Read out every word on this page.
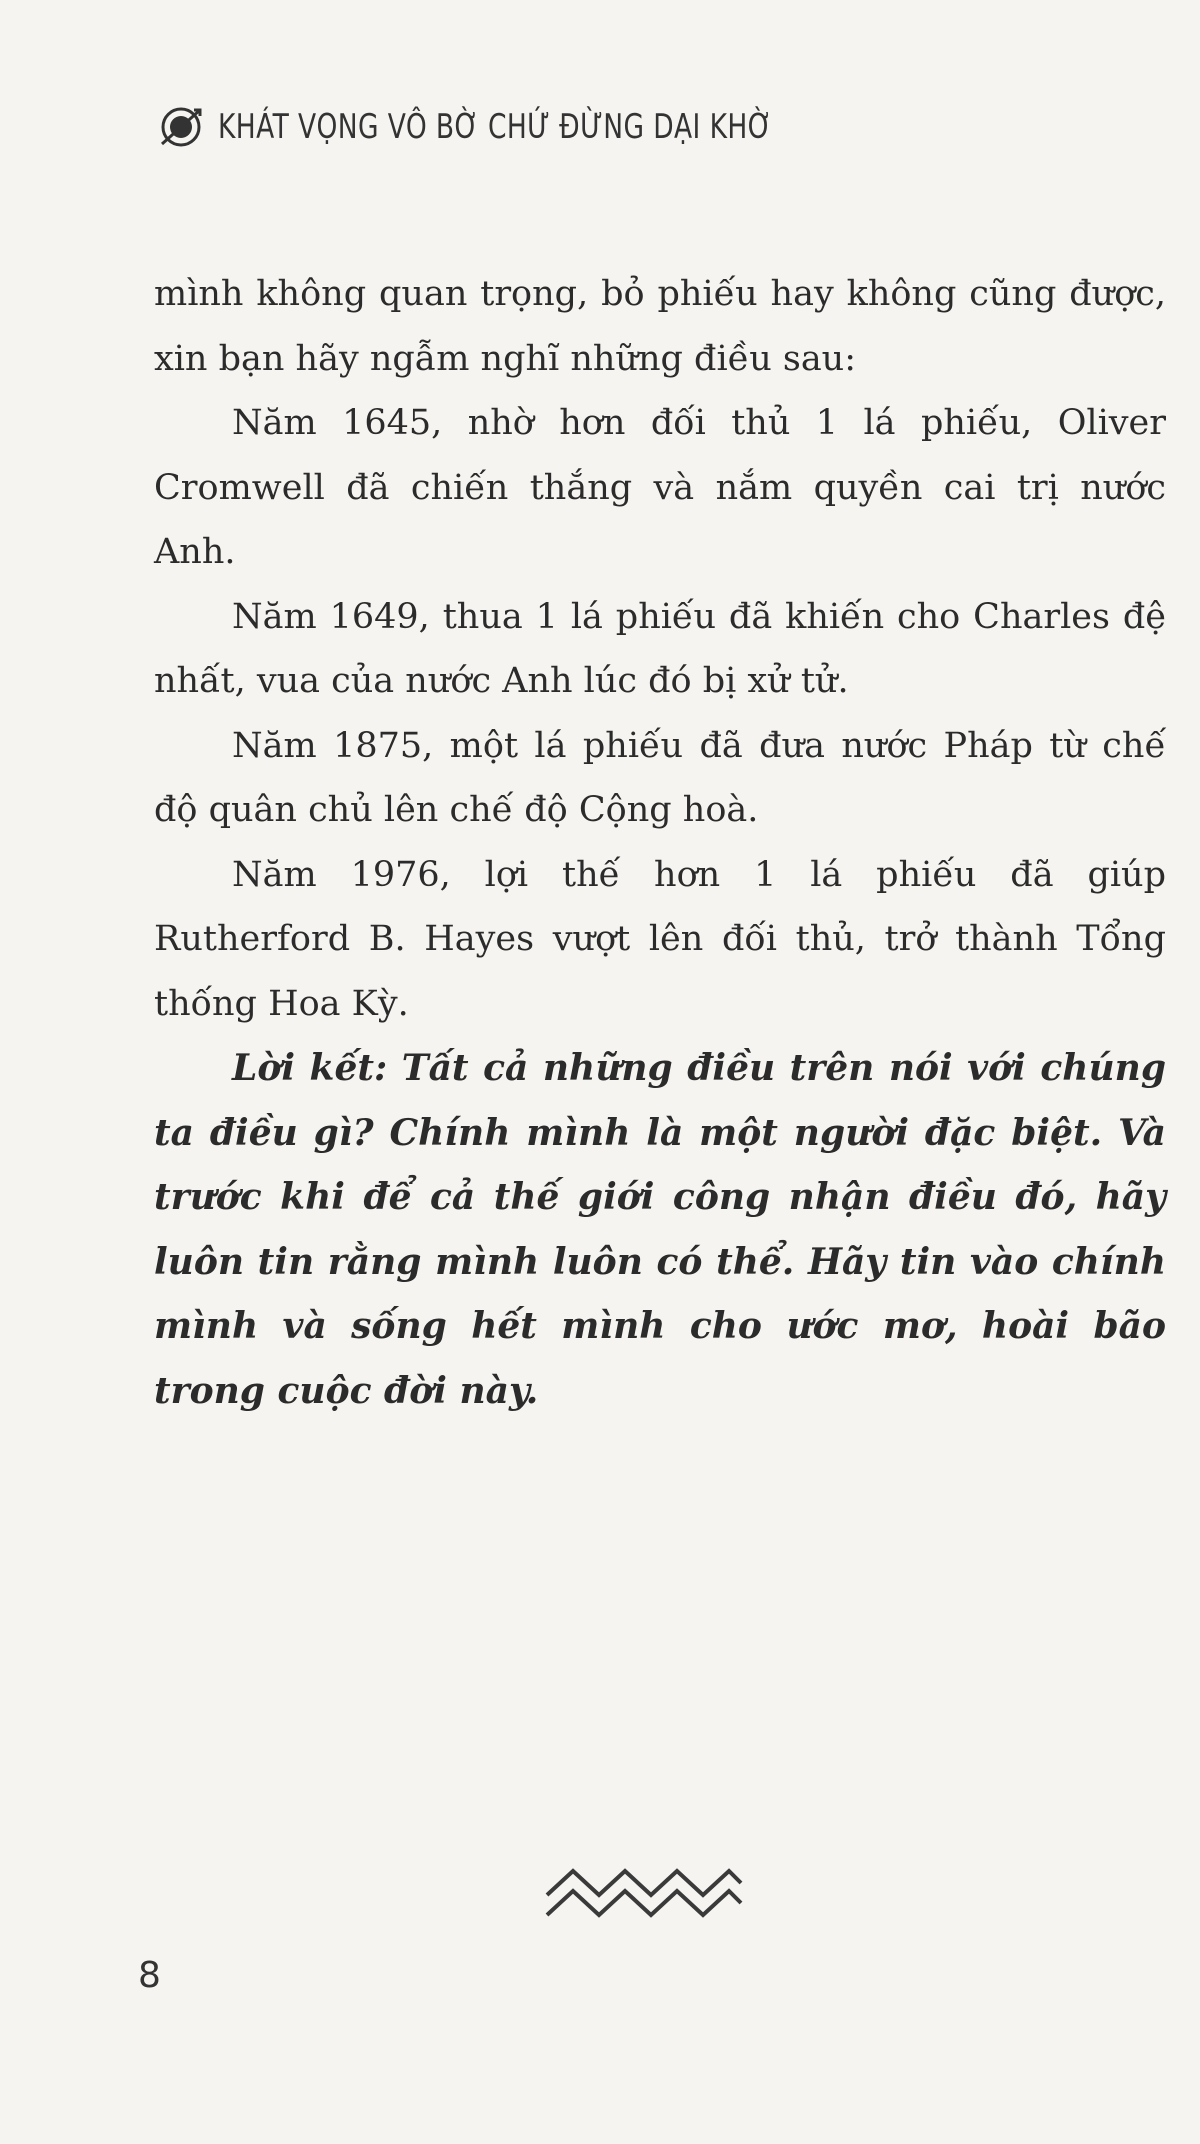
KHÁT VỌNG VÔ BỜ CHỨ ĐỪNG DẠI KHỜ

mình không quan trọng, bỏ phiếu hay không cũng được, xin bạn hãy ngẫm nghĩ những điều sau:

Năm 1645, nhờ hơn đối thủ 1 lá phiếu, Oliver Cromwell đã chiến thắng và nắm quyền cai trị nước Anh.

Năm 1649, thua 1 lá phiếu đã khiến cho Charles đệ nhất, vua của nước Anh lúc đó bị xử tử.

Năm 1875, một lá phiếu đã đưa nước Pháp từ chế độ quân chủ lên chế độ Cộng hoà.

Năm 1976, lợi thế hơn 1 lá phiếu đã giúp Rutherford B. Hayes vượt lên đối thủ, trở thành Tổng thống Hoa Kỳ.

Lời kết: Tất cả những điều trên nói với chúng ta điều gì? Chính mình là một người đặc biệt. Và trước khi để cả thế giới công nhận điều đó, hãy luôn tin rằng mình luôn có thể. Hãy tin vào chính mình và sống hết mình cho ước mơ, hoài bão trong cuộc đời này.

8
